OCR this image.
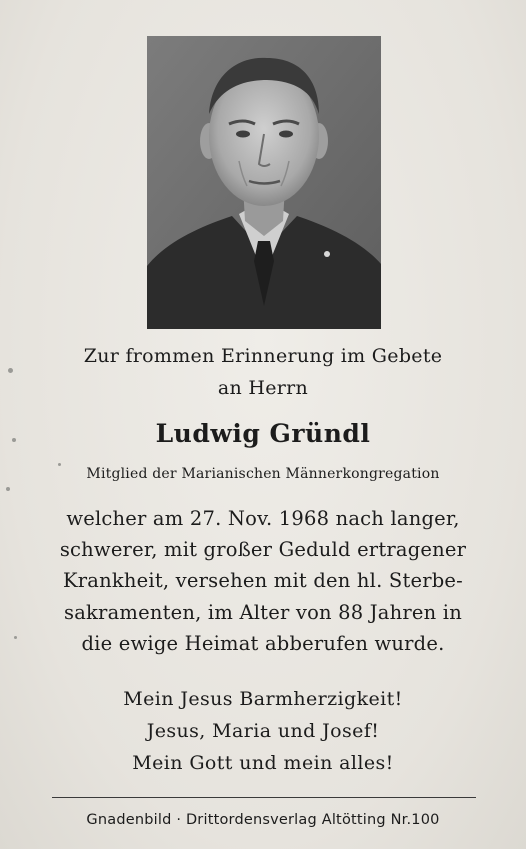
Zur frommen Erinnerung im Gebete
an Herrn
Ludwig Gründl
Mitglied der Marianischen Männerkongregation
welcher am 27. Nov. 1968 nach langer,
schwerer, mit großer Geduld ertragener
Krankheit, versehen mit den hl. Sterbe-
sakramenten, im Alter von 88 Jahren in
die ewige Heimat abberufen wurde.
Mein Jesus Barmherzigkeit!
Jesus, Maria und Josef!
Mein Gott und mein alles!
Gnadenbild · Drittordensverlag Altötting Nr.100
